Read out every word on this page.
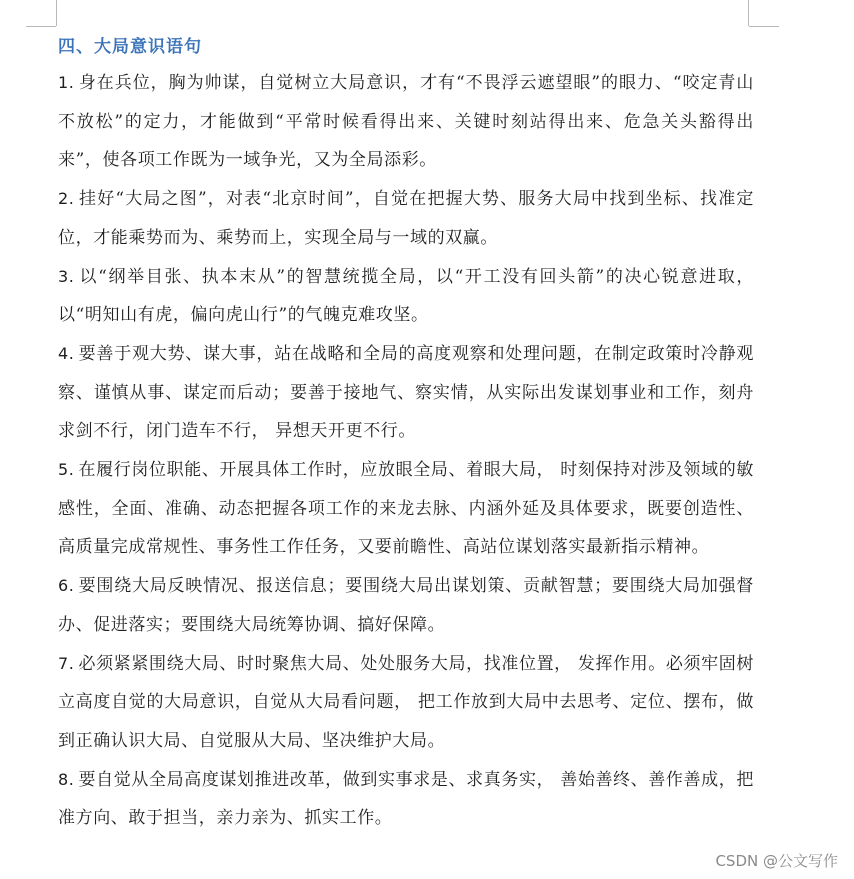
四、大局意识语句

1. 身在兵位，胸为帅谋，自觉树立大局意识，才有“不畏浮云遮望眼”的眼力、“咬定青山不放松”的定力，才能做到“平常时候看得出来、关键时刻站得出来、危急关头豁得出来”，使各项工作既为一域争光，又为全局添彩。

2. 挂好“大局之图”，对表“北京时间”，自觉在把握大势、服务大局中找到坐标、找准定位，才能乘势而为、乘势而上，实现全局与一域的双赢。

3. 以“纲举目张、执本末从”的智慧统揽全局，以“开工没有回头箭”的决心锐意进取，以“明知山有虎，偏向虎山行”的气魄克难攻坚。

4. 要善于观大势、谋大事，站在战略和全局的高度观察和处理问题，在制定政策时冷静观察、谨慎从事、谋定而后动；要善于接地气、察实情，从实际出发谋划事业和工作，刻舟求剑不行，闭门造车不行， 异想天开更不行。

5. 在履行岗位职能、开展具体工作时，应放眼全局、着眼大局， 时刻保持对涉及领域的敏感性，全面、准确、动态把握各项工作的来龙去脉、内涵外延及具体要求，既要创造性、高质量完成常规性、事务性工作任务，又要前瞻性、高站位谋划落实最新指示精神。

6. 要围绕大局反映情况、报送信息；要围绕大局出谋划策、贡献智慧；要围绕大局加强督办、促进落实；要围绕大局统筹协调、搞好保障。

7. 必须紧紧围绕大局、时时聚焦大局、处处服务大局，找准位置， 发挥作用。必须牢固树立高度自觉的大局意识，自觉从大局看问题， 把工作放到大局中去思考、定位、摆布，做到正确认识大局、自觉服从大局、坚决维护大局。

8. 要自觉从全局高度谋划推进改革，做到实事求是、求真务实， 善始善终、善作善成，把准方向、敢于担当，亲力亲为、抓实工作。

CSDN @公文写作
